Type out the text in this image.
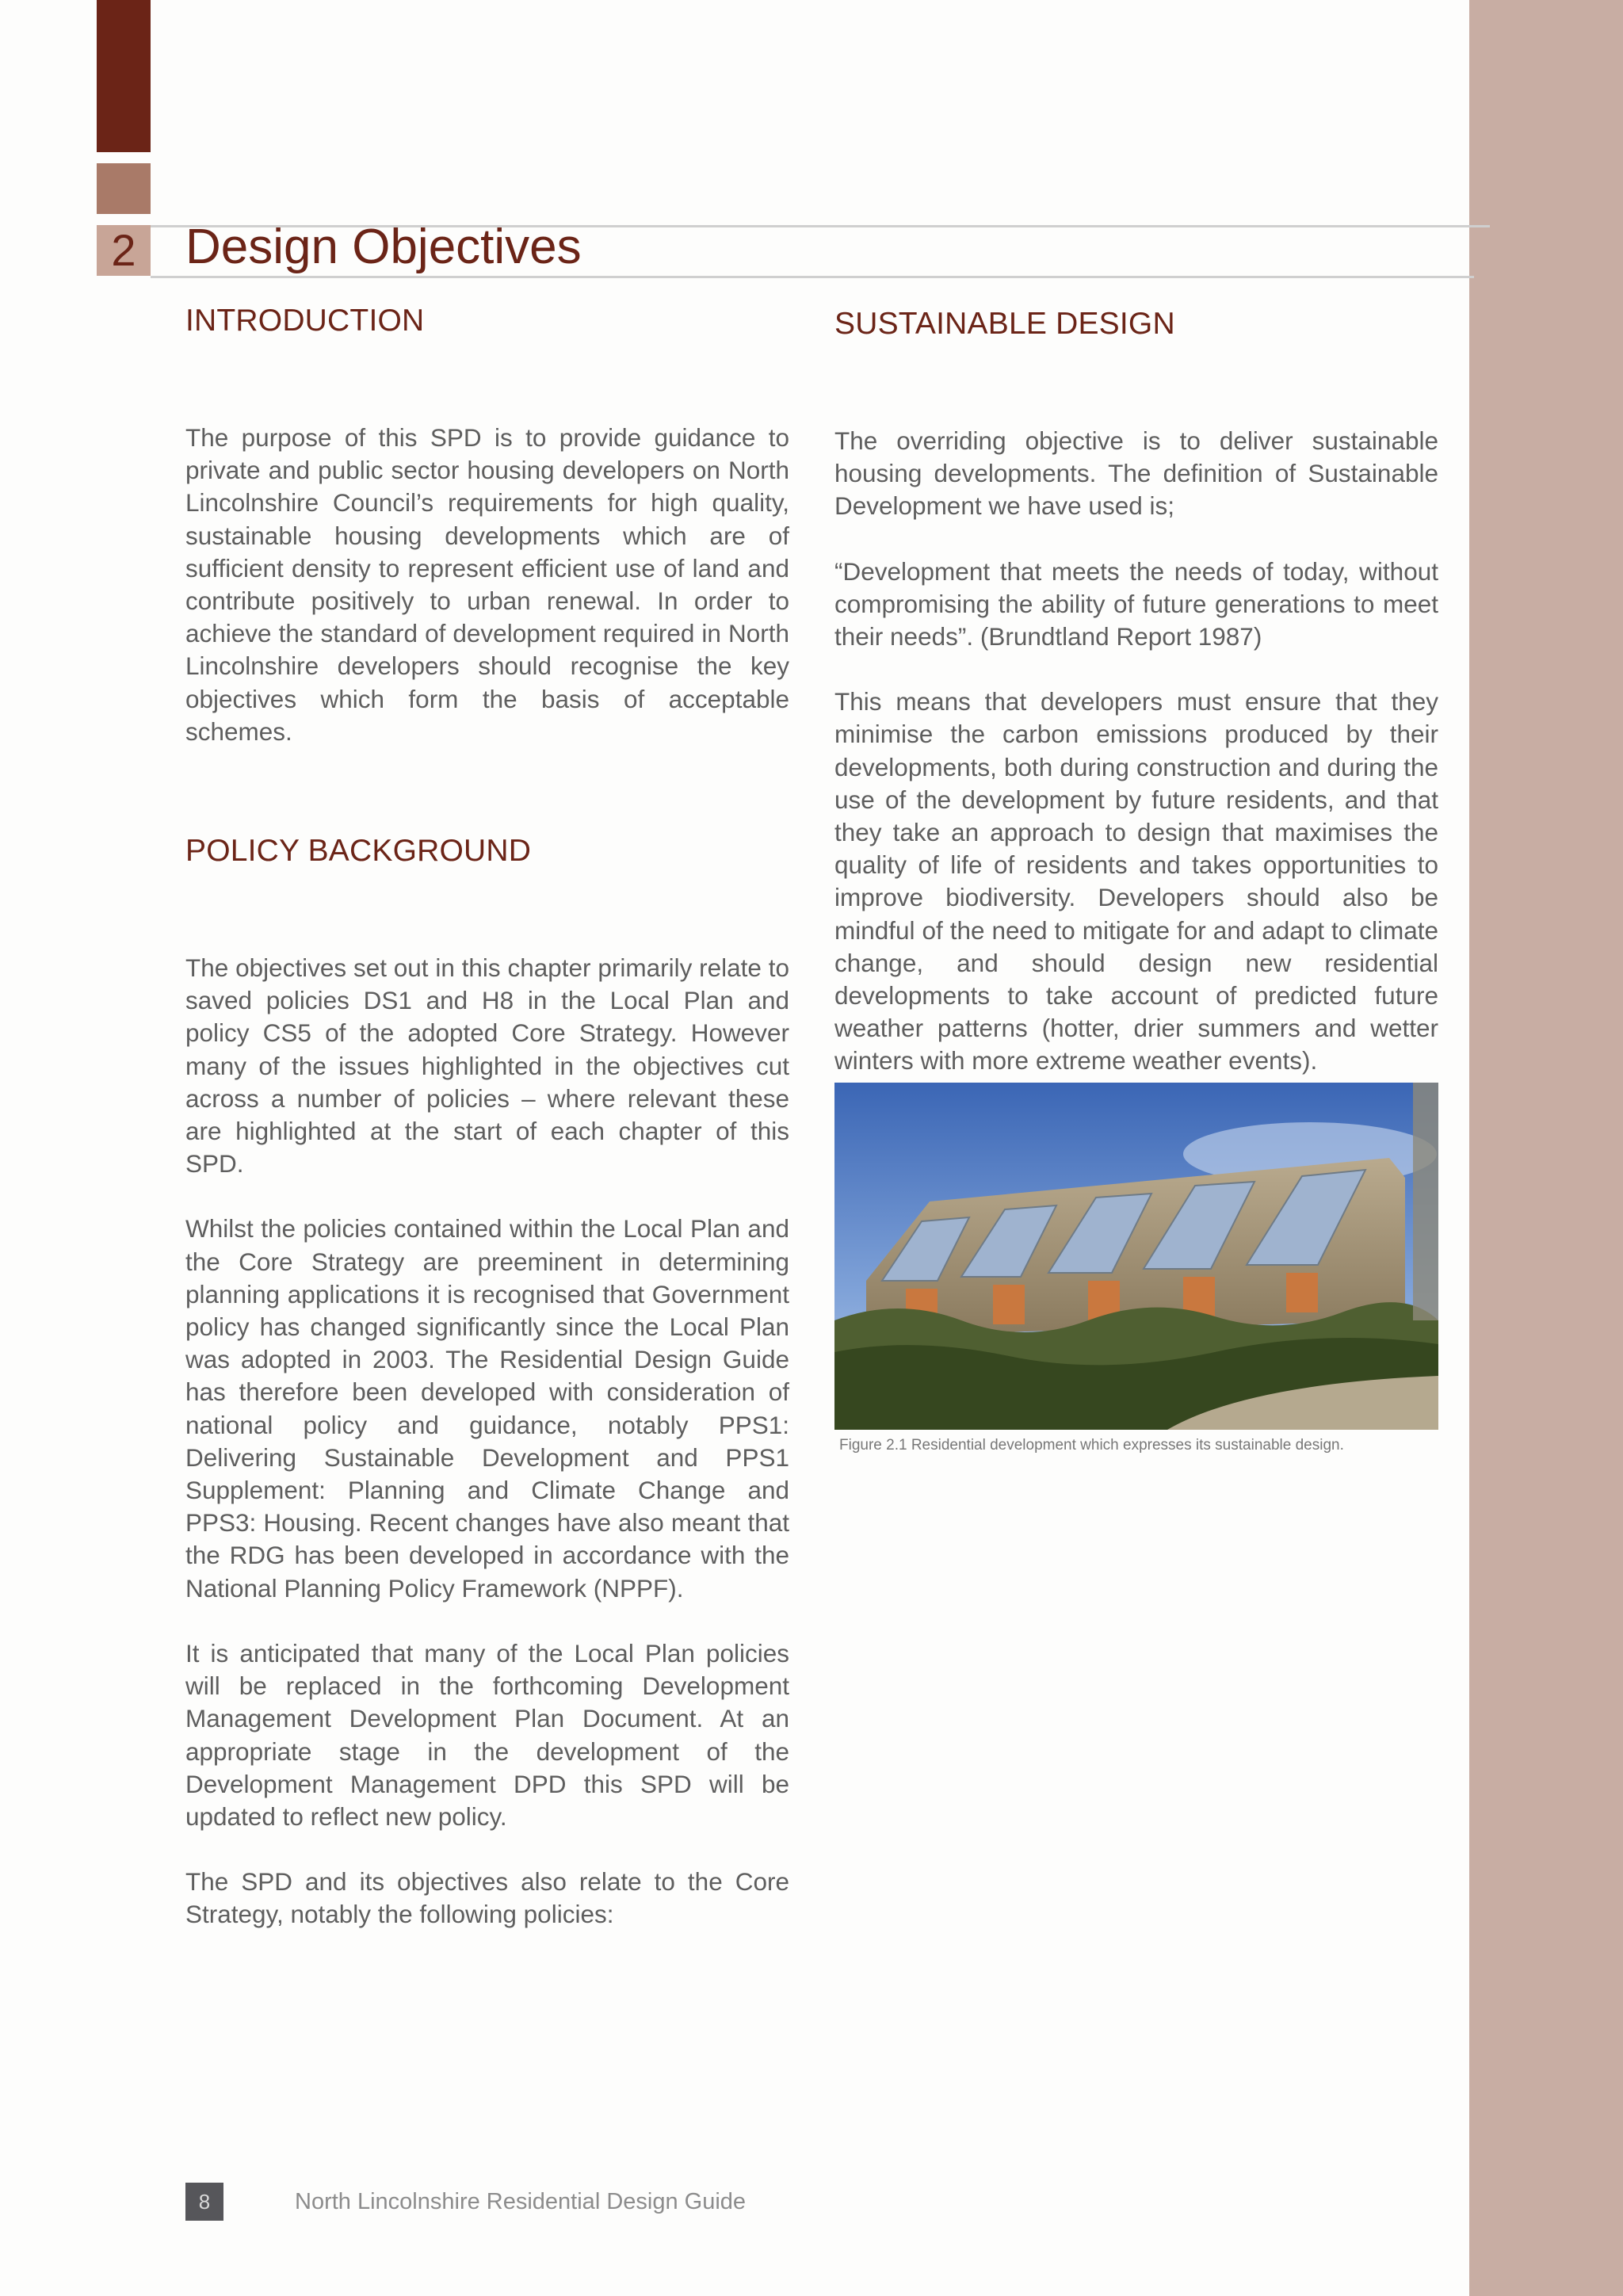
2 Design Objectives
INTRODUCTION

The purpose of this SPD is to provide guidance to private and public sector housing developers on North Lincolnshire Council’s requirements for high quality, sustainable housing developments which are of sufficient density to represent efficient use of land and contribute positively to urban renewal. In order to achieve the standard of development required in North Lincolnshire developers should recognise the key objectives which form the basis of acceptable schemes.

POLICY BACKGROUND

The objectives set out in this chapter primarily relate to saved policies DS1 and H8 in the Local Plan and policy CS5 of the adopted Core Strategy. However many of the issues highlighted in the objectives cut across a number of policies – where relevant these are highlighted at the start of each chapter of this SPD.

Whilst the policies contained within the Local Plan and the Core Strategy are preeminent in determining planning applications it is recognised that Government policy has changed significantly since the Local Plan was adopted in 2003. The Residential Design Guide has therefore been developed with consideration of national policy and guidance, notably PPS1: Delivering Sustainable Development and PPS1 Supplement: Planning and Climate Change and PPS3: Housing. Recent changes have also meant that the RDG has been developed in accordance with the National Planning Policy Framework (NPPF).

It is anticipated that many of the Local Plan policies will be replaced in the forthcoming Development Management Development Plan Document. At an appropriate stage in the development of the Development Management DPD this SPD will be updated to reflect new policy.

The SPD and its objectives also relate to the Core Strategy, notably the following policies:

SUSTAINABLE DESIGN

The overriding objective is to deliver sustainable housing developments. The definition of Sustainable Development we have used is;

“Development that meets the needs of today, without compromising the ability of future generations to meet their needs”. (Brundtland Report 1987)

This means that developers must ensure that they minimise the carbon emissions produced by their developments, both during construction and during the use of the development by future residents, and that they take an approach to design that maximises the quality of life of residents and takes opportunities to improve biodiversity. Developers should also be mindful of the need to mitigate for and adapt to climate change, and should design new residential developments to take account of predicted future weather patterns (hotter, drier summers and wetter winters with more extreme weather events).

Figure 2.1 Residential development which expresses its sustainable design.
8	North Lincolnshire Residential Design Guide
